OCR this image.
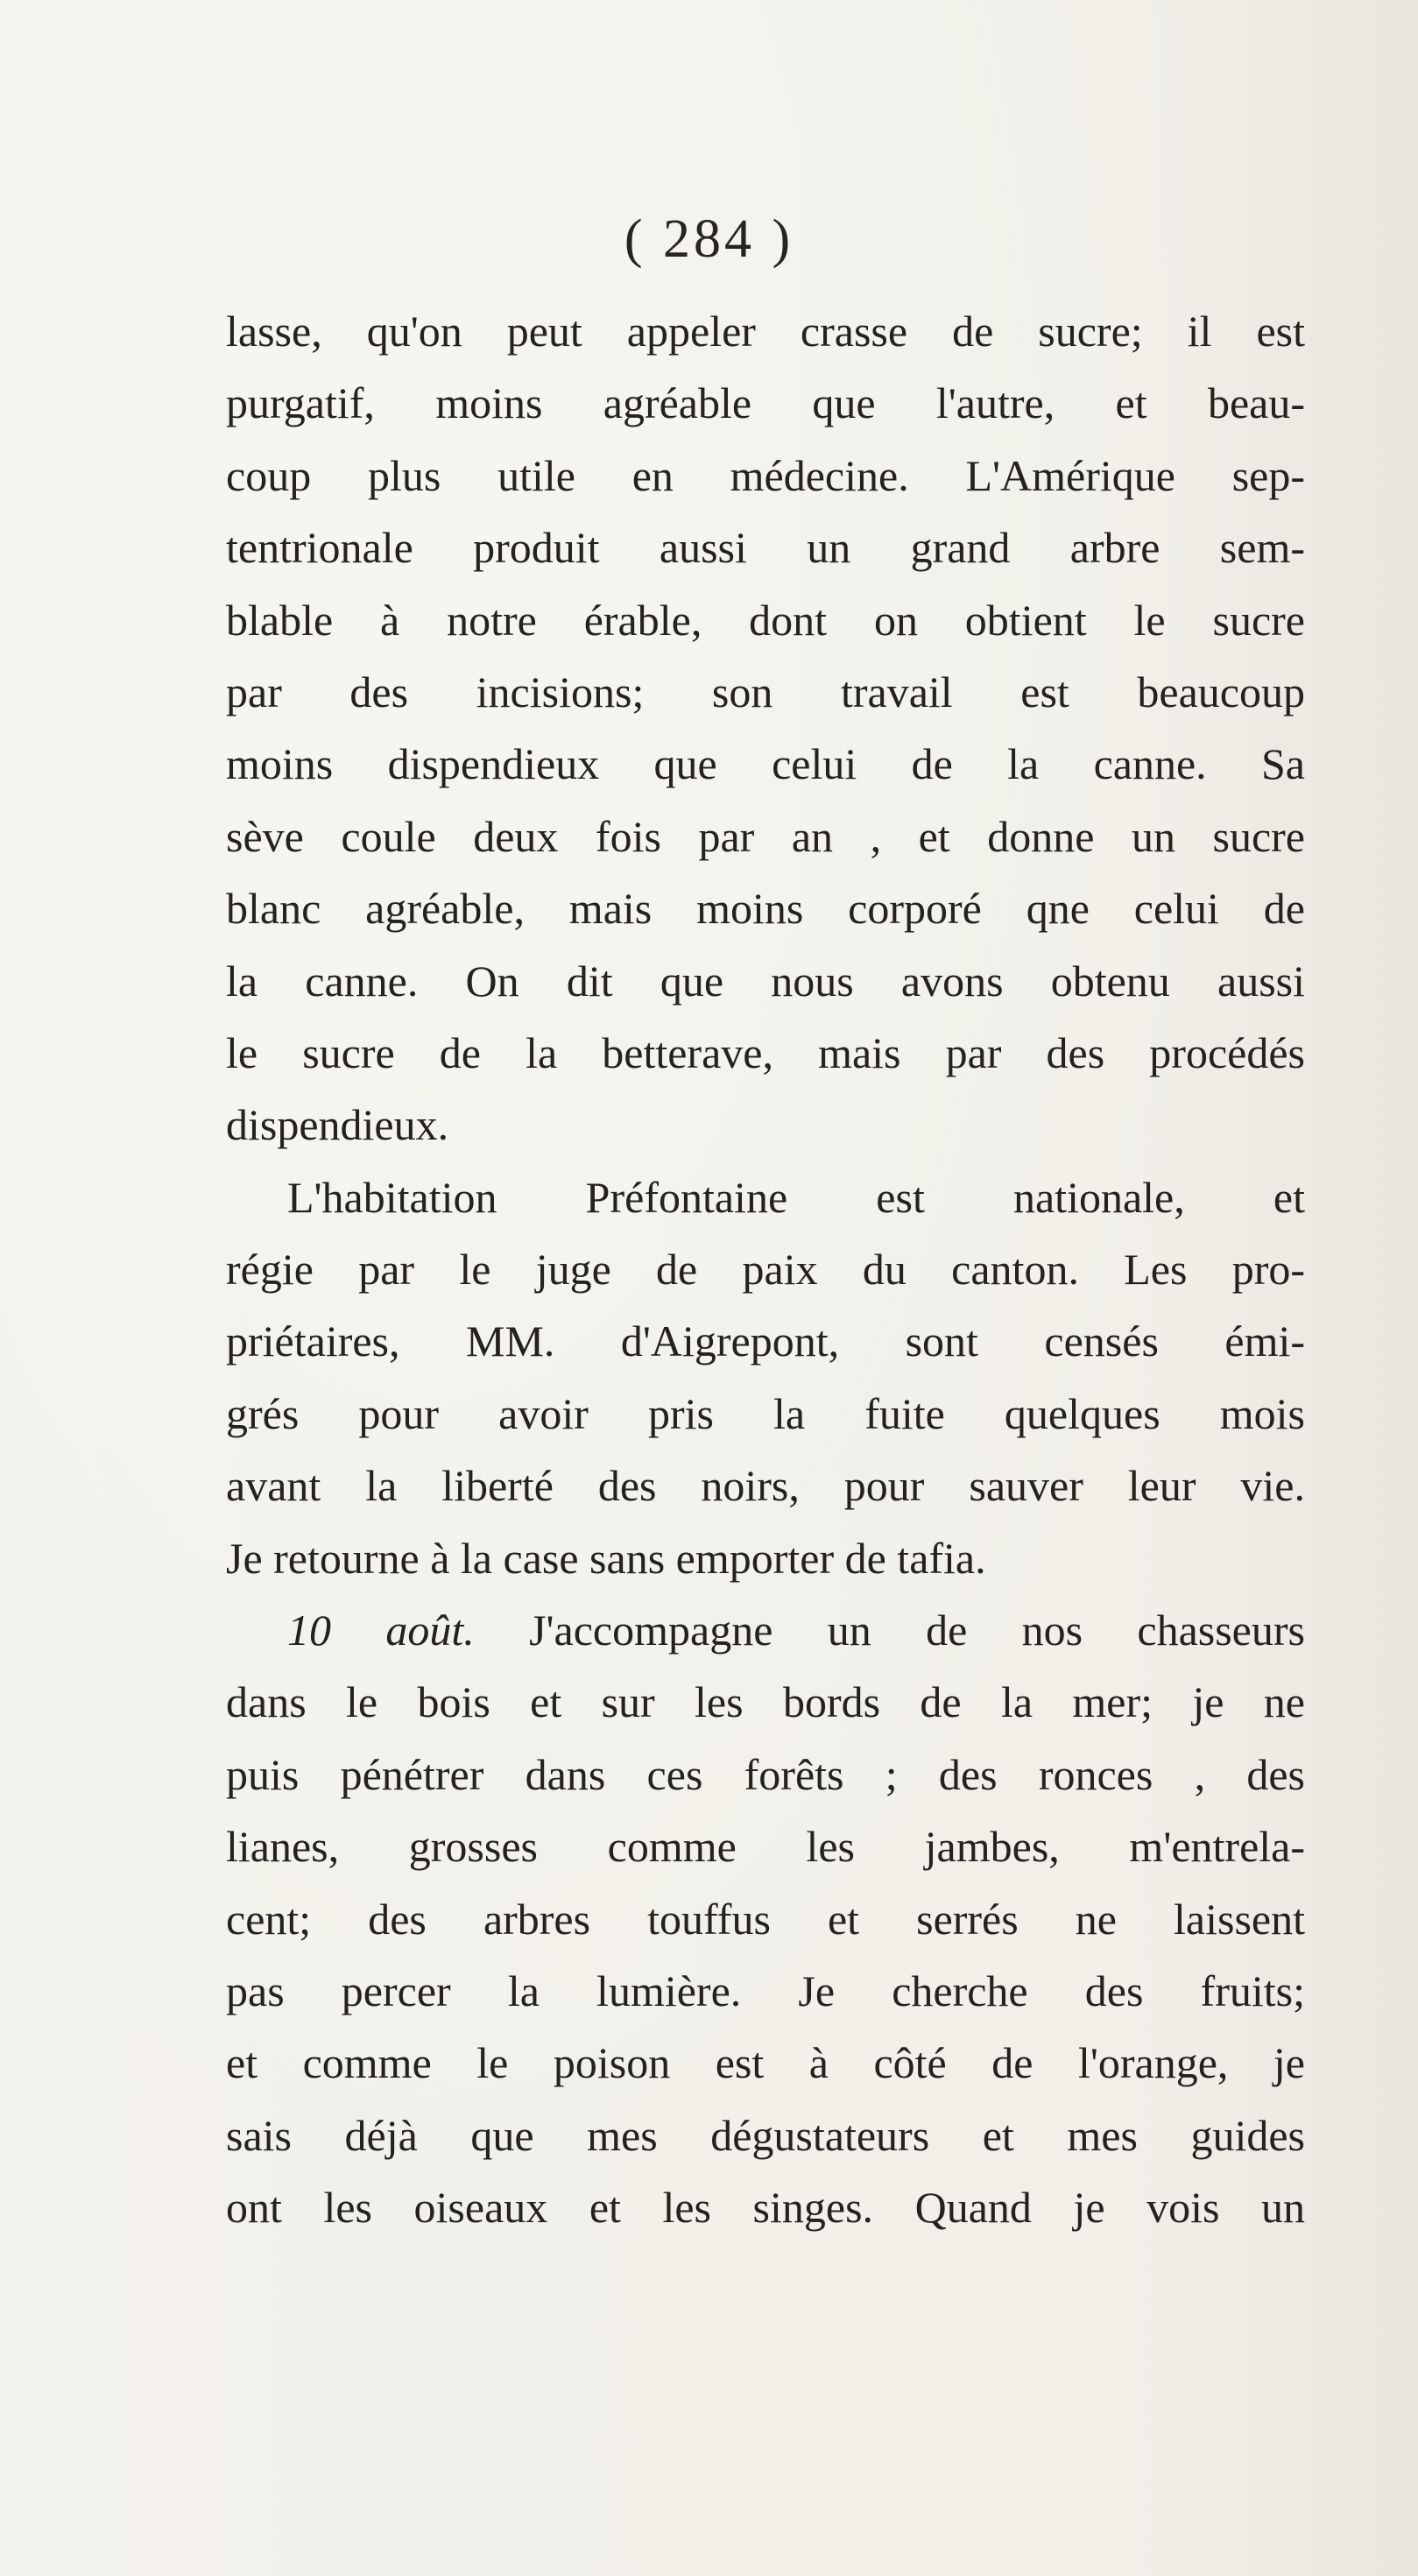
( 284 )
lasse, qu'on peut appeler crasse de sucre; il est
purgatif, moins agréable que l'autre, et beau-
coup plus utile en médecine. L'Amérique sep-
tentrionale produit aussi un grand arbre sem-
blable à notre érable, dont on obtient le sucre
par des incisions; son travail est beaucoup
moins dispendieux que celui de la canne. Sa
sève coule deux fois par an , et donne un sucre
blanc agréable, mais moins corporé qne celui de
la canne. On dit que nous avons obtenu aussi
le sucre de la betterave, mais par des procédés
dispendieux.
L'habitation Préfontaine est nationale, et
régie par le juge de paix du canton. Les pro-
priétaires, MM. d'Aigrepont, sont censés émi-
grés pour avoir pris la fuite quelques mois
avant la liberté des noirs, pour sauver leur vie.
Je retourne à la case sans emporter de tafia.
10 août. J'accompagne un de nos chasseurs
dans le bois et sur les bords de la mer; je ne
puis pénétrer dans ces forêts ; des ronces , des
lianes, grosses comme les jambes, m'entrela-
cent; des arbres touffus et serrés ne laissent
pas percer la lumière. Je cherche des fruits;
et comme le poison est à côté de l'orange, je
sais déjà que mes dégustateurs et mes guides
ont les oiseaux et les singes. Quand je vois un
